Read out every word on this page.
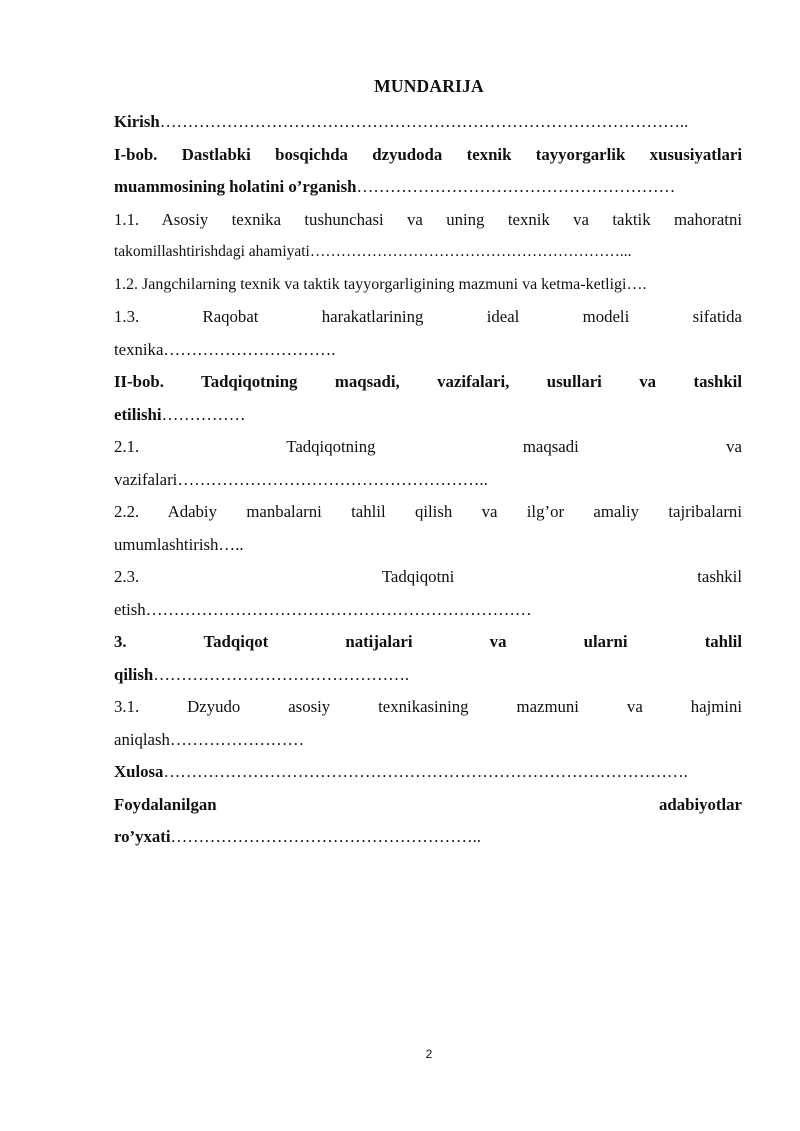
MUNDARIJA
Kirish…………………………………………………………………………………..
I-bob. Dastlabki bosqichda dzyudoda texnik tayyorgarlik xususiyatlari
muammosining holatini o’rganish…………………………………………………
1.1. Asosiy texnika tushunchasi va uning texnik va taktik mahoratni
takomillashtirishdagi ahamiyati……………………………………………………...
1.2. Jangchilarning texnik va taktik tayyorgarligining mazmuni va ketma-ketligi….
1.3. Raqobat harakatlarining ideal modeli sifatida
texnika………………………….
II-bob. Tadqiqotning maqsadi, vazifalari, usullari va tashkil
etilishi……………
2.1. Tadqiqotning maqsadi va
vazifalari………………………………………………..
2.2. Adabiy manbalarni tahlil qilish va ilg’or amaliy tajribalarni
umumlashtirish…..
2.3. Tadqiqotni tashkil
etish……………………………………………………………
3. Tadqiqot natijalari va ularni tahlil
qilish……………………………………….
3.1. Dzyudo asosiy texnikasining mazmuni va hajmini
aniqlash……………………
Xulosa………………………………………………………………………………….
Foydalanilgan adabiyotlar
ro’yxati………………………………………………..
2
